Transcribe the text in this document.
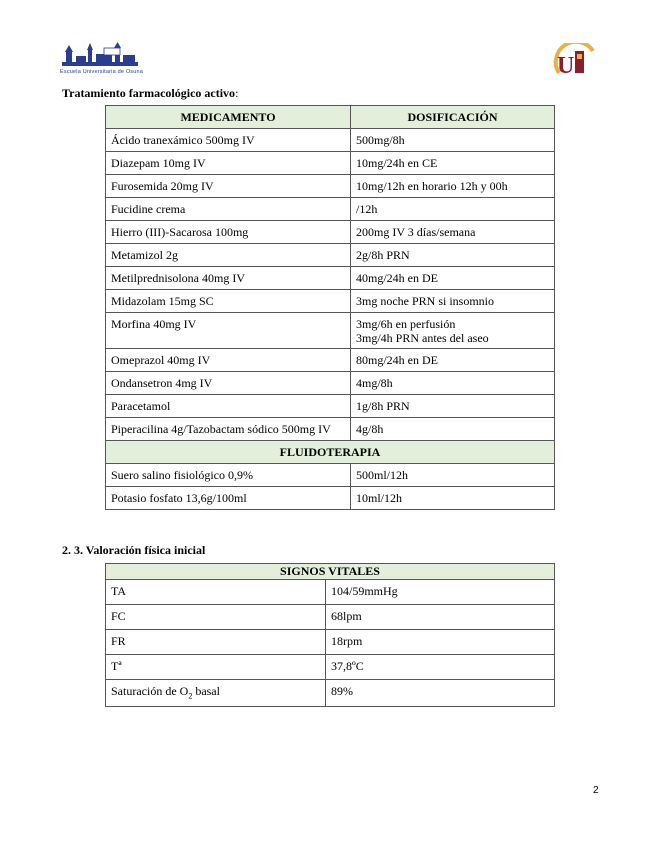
Escuela Universitaria de Osuna	U
Tratamiento farmacológico activo:
MEDICAMENTO	DOSIFICACIÓN
Ácido tranexámico 500mg IV	500mg/8h
Diazepam 10mg IV	10mg/24h en CE
Furosemida 20mg IV	10mg/12h en horario 12h y 00h
Fucidine crema	/12h
Hierro (III)-Sacarosa 100mg	200mg IV 3 días/semana
Metamizol 2g	2g/8h PRN
Metilprednisolona 40mg IV	40mg/24h en DE
Midazolam 15mg SC	3mg noche PRN si insomnio
Morfina 40mg IV	3mg/6h en perfusión
3mg/4h PRN antes del aseo

Omeprazol 40mg IV	80mg/24h en DE
Ondansetron 4mg IV	4mg/8h
Paracetamol	1g/8h PRN
Piperacilina 4g/Tazobactam sódico 500mg IV	4g/8h
FLUIDOTERAPIA	
Suero salino fisiológico 0,9%	500ml/12h
Potasio fosfato 13,6g/100ml	10ml/12h
2. 3. Valoración física inicial
SIGNOS VITALES	
TA	104/59mmHg
FC	68lpm
FR	18rpm
Tª	37,8ºC
Saturación de $O_2$ basal	89%
2
